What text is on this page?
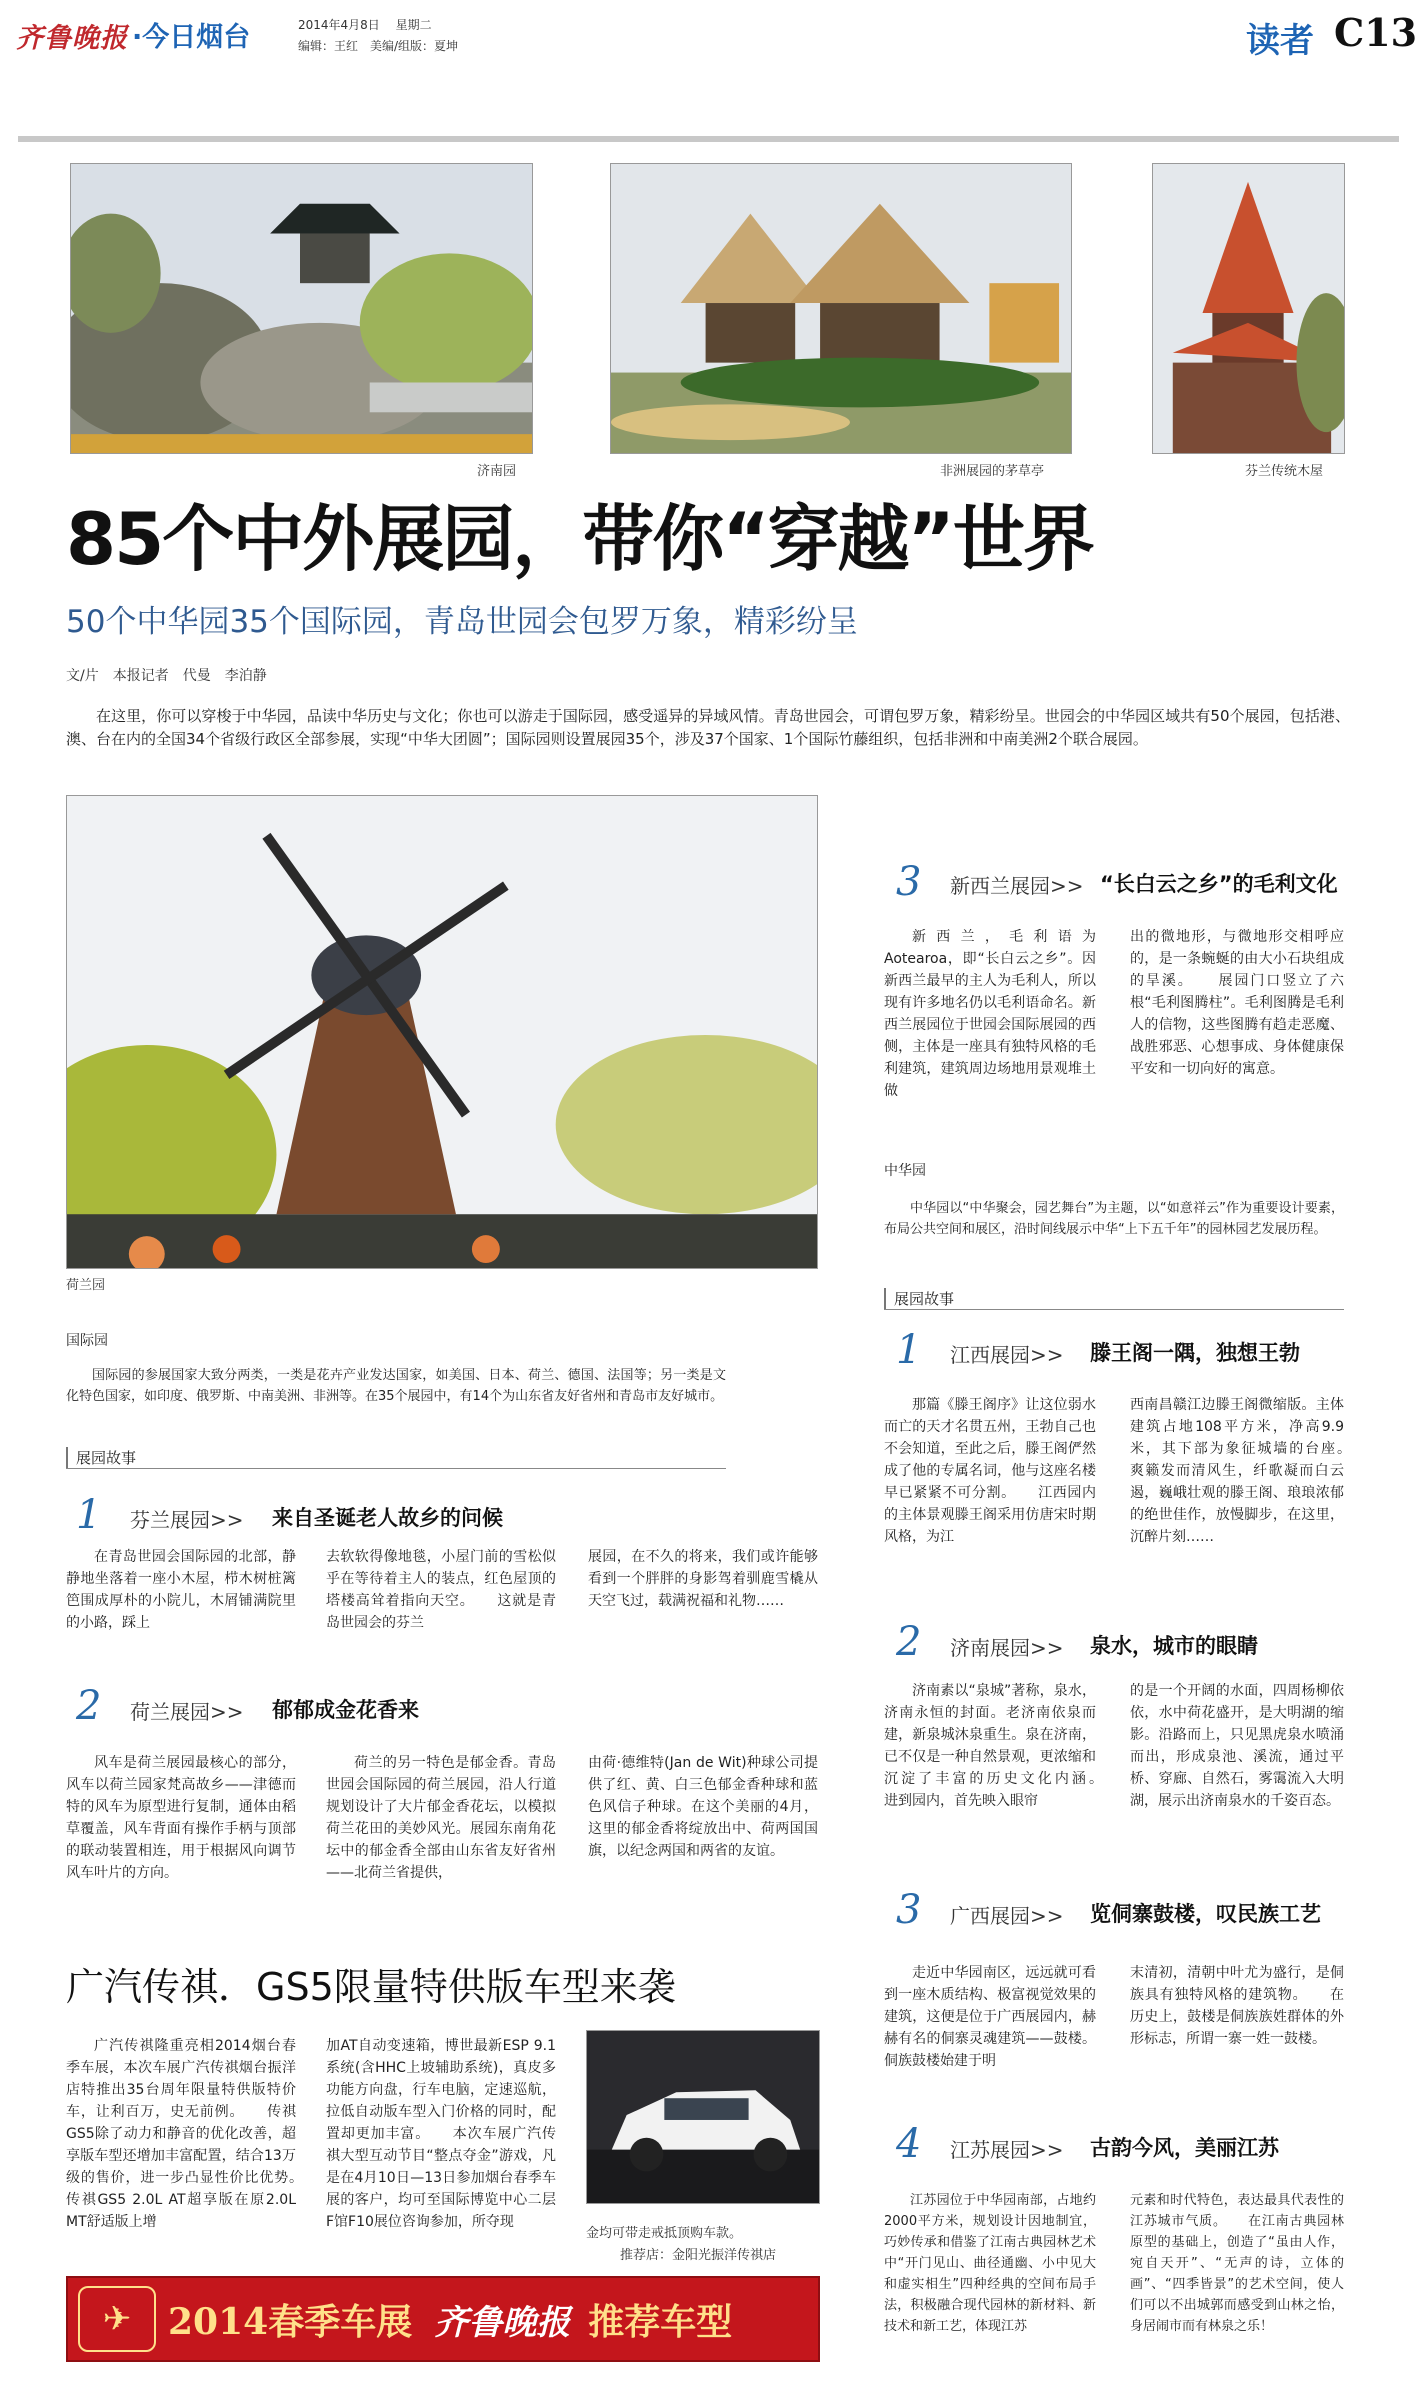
齐鲁晚报 ·今日烟台	2014年4月8日 星期二
编辑：王红　美编/组版：夏坤	读者 C13
济南园	非洲展园的茅草亭	芬兰传统木屋
85个中外展园，带你“穿越”世界
50个中华园35个国际园，青岛世园会包罗万象，精彩纷呈
文/片　本报记者　代曼　李泊静

在这里，你可以穿梭于中华园，品读中华历史与文化；你也可以游走于国际园，感受遥异的异域风情。青岛世园会，可谓包罗万象，精彩纷呈。世园会的中华园区域共有50个展园，包括港、澳、台在内的全国34个省级行政区全部参展，实现“中华大团圆”；国际园则设置展园35个，涉及37个国家、1个国际竹藤组织，包括非洲和中南美洲2个联合展园。

荷兰园
国际园

国际园的参展国家大致分两类，一类是花卉产业发达国家，如美国、日本、荷兰、德国、法国等；另一类是文化特色国家，如印度、俄罗斯、中南美洲、非洲等。在35个展园中，有14个为山东省友好省州和青岛市友好城市。

展园故事
1 芬兰展园>> 来自圣诞老人故乡的问候

在青岛世园会国际园的北部，静静地坐落着一座小木屋，栉木树桩篱笆围成厚朴的小院儿，木屑铺满院里的小路，踩上

去软软得像地毯，小屋门前的雪松似乎在等待着主人的装点，红色屋顶的塔楼高耸着指向天空。　　这就是青岛世园会的芬兰

展园，在不久的将来，我们或许能够看到一个胖胖的身影驾着驯鹿雪橇从天空飞过，载满祝福和礼物……

2 荷兰展园>> 郁郁成金花香来

风车是荷兰展园最核心的部分，风车以荷兰园家梵高故乡——津德而特的风车为原型进行复制，通体由稻草覆盖，风车背面有操作手柄与顶部的联动装置相连，用于根据风向调节风车叶片的方向。

荷兰的另一特色是郁金香。青岛世园会国际园的荷兰展园，沿人行道规划设计了大片郁金香花坛，以模拟荷兰花田的美妙风光。展园东南角花坛中的郁金香全部由山东省友好省州——北荷兰省提供，

由荷·德维特(Jan de Wit)种球公司提供了红、黄、白三色郁金香种球和蓝色风信子种球。在这个美丽的4月，这里的郁金香将绽放出中、荷两国国旗，以纪念两国和两省的友谊。

广汽传祺．GS5限量特供版车型来袭

广汽传祺隆重亮相2014烟台春季车展，本次车展广汽传祺烟台振洋店特推出35台周年限量特供版特价车，让利百万，史无前例。　　传祺GS5除了动力和静音的优化改善，超享版车型还增加丰富配置，结合13万级的售价，进一步凸显性价比优势。　　传祺GS5 2.0L AT超享版在原2.0L MT舒适版上增

加AT自动变速箱，博世最新ESP 9.1系统(含HHC上坡辅助系统)，真皮多功能方向盘，行车电脑，定速巡航，拉低自动版车型入门价格的同时，配置却更加丰富。　　本次车展广汽传祺大型互动节目“整点夺金”游戏，凡是在4月10日—13日参加烟台春季车展的客户，均可至国际博览中心二层F馆F10展位咨询参加，所夺现

金均可带走戒抵顶购车款。
推荐店：金阳光振洋传祺店
✈ 2014春季车展 齐鲁晚报 推荐车型
3 新西兰展园>> “长白云之乡”的毛利文化

新西兰，毛利语为Aotearoa，即“长白云之乡”。因新西兰最早的主人为毛利人，所以现有许多地名仍以毛利语命名。新西兰展园位于世园会国际展园的西侧，主体是一座具有独特风格的毛利建筑，建筑周边场地用景观堆土做

出的微地形，与微地形交相呼应的，是一条蜿蜒的由大小石块组成的旱溪。　　展园门口竖立了六根“毛利图腾柱”。毛利图腾是毛利人的信物，这些图腾有趋走恶魔、战胜邪恶、心想事成、身体健康保平安和一切向好的寓意。

中华园

中华园以“中华聚会，园艺舞台”为主题，以“如意祥云”作为重要设计要素，布局公共空间和展区，沿时间线展示中华“上下五千年”的园林园艺发展历程。

展园故事
1 江西展园>> 滕王阁一隅，独想王勃

那篇《滕王阁序》让这位弱水而亡的天才名贯五州，王勃自己也不会知道，至此之后，滕王阁俨然成了他的专属名词，他与这座名楼早已紧紧不可分割。　　江西园内的主体景观滕王阁采用仿唐宋时期风格，为江

西南昌赣江边滕王阁微缩版。主体建筑占地108平方米，净高9.9米，其下部为象征城墙的台座。　　爽籁发而清风生，纤歌凝而白云遏，巍峨壮观的滕王阁、琅琅浓郁的绝世佳作，放慢脚步，在这里，沉醉片刻……

2 济南展园>> 泉水，城市的眼睛

济南素以“泉城”著称，泉水，济南永恒的封面。老济南依泉而建，新泉城沐泉重生。泉在济南，已不仅是一种自然景观，更浓缩和沉淀了丰富的历史文化内涵。　　进到园内，首先映入眼帘

的是一个开阔的水面，四周杨柳依依，水中荷花盛开，是大明湖的缩影。沿路而上，只见黑虎泉水喷涌而出，形成泉池、溪流，通过平桥、穿廊、自然石，雾霭流入大明湖，展示出济南泉水的千姿百态。

3 广西展园>> 览侗寨鼓楼，叹民族工艺

走近中华园南区，远远就可看到一座木质结构、极富视觉效果的建筑，这便是位于广西展园内，赫赫有名的侗寨灵魂建筑——鼓楼。侗族鼓楼始建于明

末清初，清朝中叶尤为盛行，是侗族具有独特风格的建筑物。　　在历史上，鼓楼是侗族族姓群体的外形标志，所谓一寨一姓一鼓楼。

4 江苏展园>> 古韵今风，美丽江苏

江苏园位于中华园南部，占地约2000平方米，规划设计因地制宜，巧妙传承和借鉴了江南古典园林艺术中“开门见山、曲径通幽、小中见大和虚实相生”四种经典的空间布局手法，积极融合现代园林的新材料、新技术和新工艺，体现江苏

元素和时代特色，表达最具代表性的江苏城市气质。　　在江南古典园林原型的基础上，创造了“虽由人作，宛自天开”、“无声的诗，立体的画”、“四季皆景”的艺术空间，使人们可以不出城郭而感受到山林之怡，身居闹市而有林泉之乐！
